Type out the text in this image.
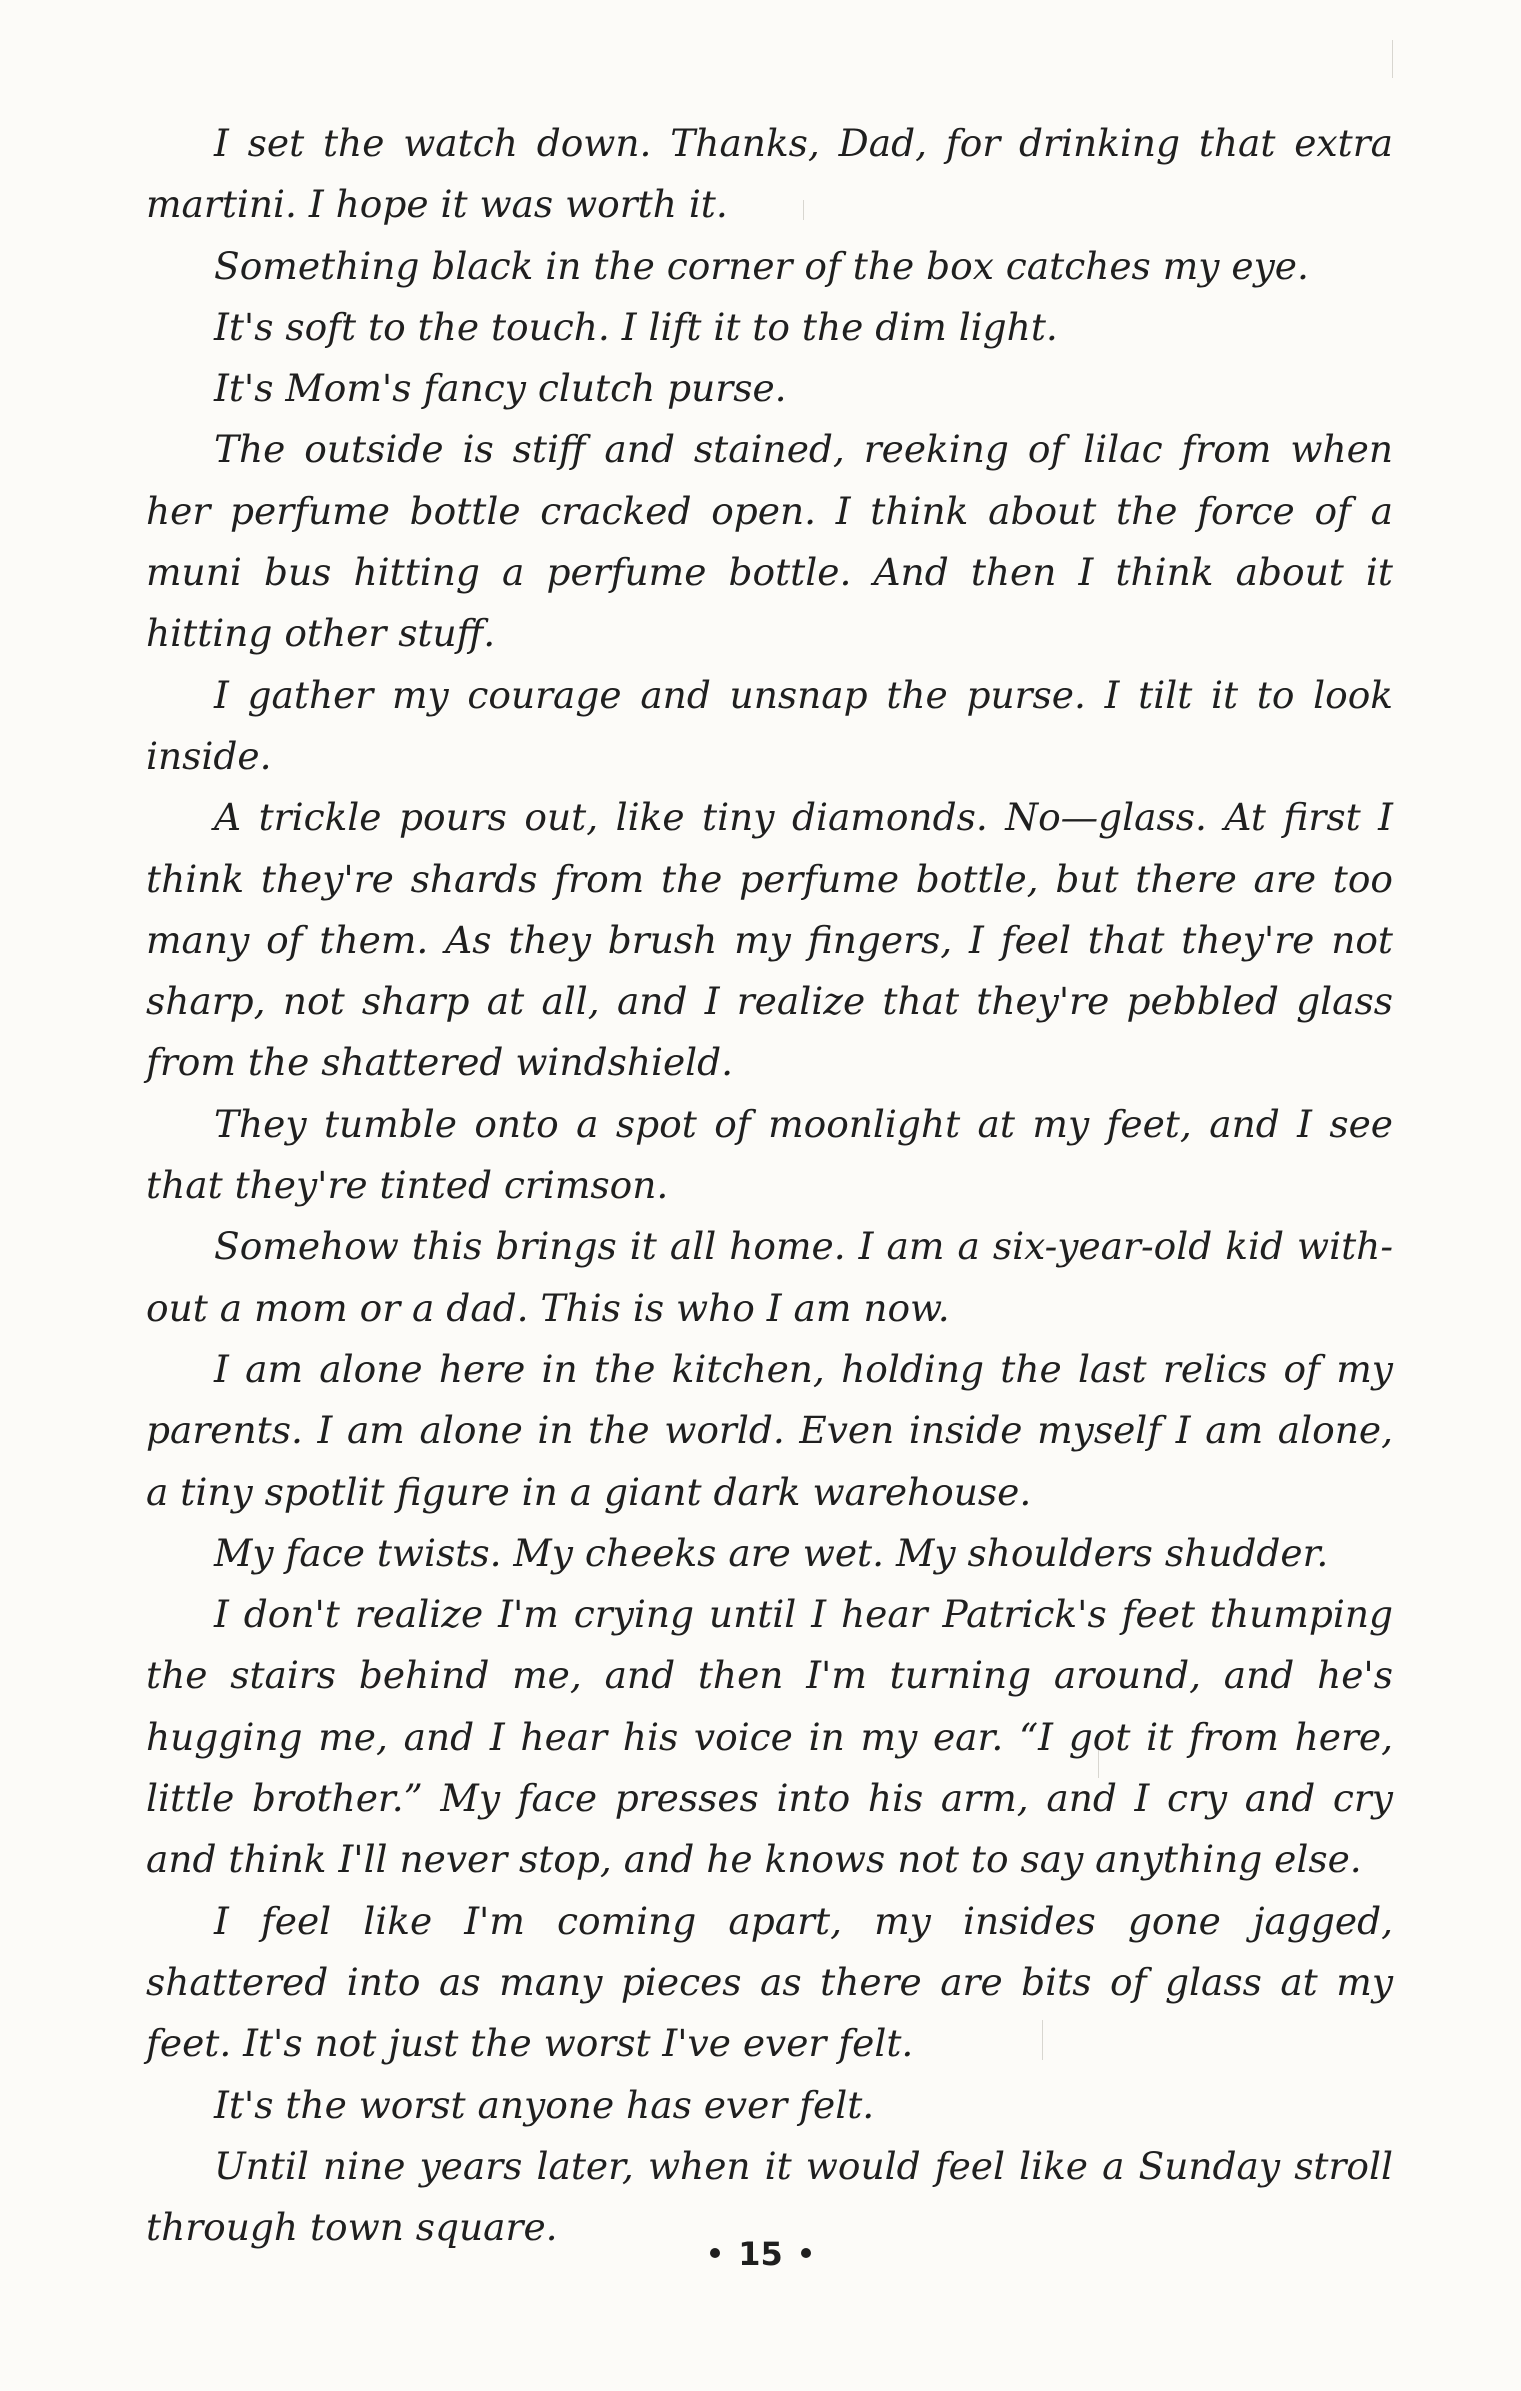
I set the watch down. Thanks, Dad, for drinking that extra martini. I hope it was worth it.

Something black in the corner of the box catches my eye.

It's soft to the touch. I lift it to the dim light.

It's Mom's fancy clutch purse.

The outside is stiff and stained, reeking of lilac from when her perfume bottle cracked open. I think about the force of a muni bus hitting a perfume bottle. And then I think about it hitting other stuff.

I gather my courage and unsnap the purse. I tilt it to look inside.

A trickle pours out, like tiny diamonds. No—glass. At first I think they're shards from the perfume bottle, but there are too many of them. As they brush my fingers, I feel that they're not sharp, not sharp at all, and I realize that they're pebbled glass from the shattered windshield.

They tumble onto a spot of moonlight at my feet, and I see that they're tinted crimson.

Somehow this brings it all home. I am a six-year-old kid without a mom or a dad. This is who I am now.

I am alone here in the kitchen, holding the last relics of my parents. I am alone in the world. Even inside myself I am alone, a tiny spotlit figure in a giant dark warehouse.

My face twists. My cheeks are wet. My shoulders shudder.

I don't realize I'm crying until I hear Patrick's feet thumping the stairs behind me, and then I'm turning around, and he's hugging me, and I hear his voice in my ear. “I got it from here, little brother.” My face presses into his arm, and I cry and cry and think I'll never stop, and he knows not to say anything else.

I feel like I'm coming apart, my insides gone jagged, shattered into as many pieces as there are bits of glass at my feet. It's not just the worst I've ever felt.

It's the worst anyone has ever felt.

Until nine years later, when it would feel like a Sunday stroll through town square.

15
